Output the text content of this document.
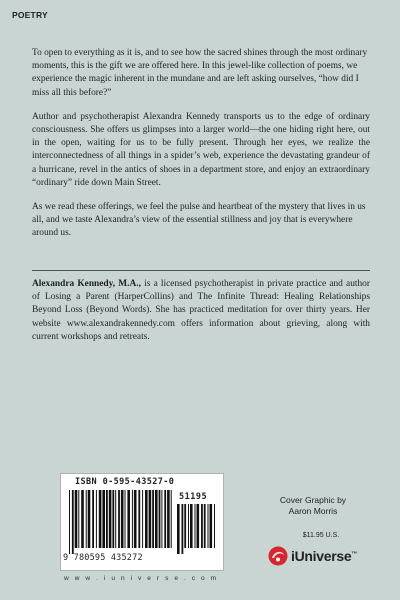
POETRY

To open to everything as it is, and to see how the sacred shines through the most ordinary moments, this is the gift we are offered here. In this jewel-like collection of poems, we experience the magic inherent in the mundane and are left asking ourselves, “how did I miss all this before?”

Author and psychotherapist Alexandra Kennedy transports us to the edge of ordinary consciousness. She offers us glimpses into a larger world—the one hiding right here, out in the open, waiting for us to be fully present. Through her eyes, we realize the interconnectedness of all things in a spider’s web, experience the devastating grandeur of a hurricane, revel in the antics of shoes in a department store, and enjoy an extraordinary “ordinary” ride down Main Street.

As we read these offerings, we feel the pulse and heartbeat of the mystery that lives in us all, and we taste Alexandra’s view of the essential stillness and joy that is everywhere around us.

Alexandra Kennedy, M.A., is a licensed psychotherapist in private practice and author of Losing a Parent (HarperCollins) and The Infinite Thread: Healing Relationships Beyond Loss (Beyond Words). She has practiced meditation for over thirty years. Her website www.alexandrakennedy.com offers information about grieving, along with current workshops and retreats.

ISBN 0-595-43527-0
51195
9 780595 435272
w w w . i u n i v e r s e . c o m
Cover Graphic by
Aaron Morris
$11.95 U.S.
iUniverse™
